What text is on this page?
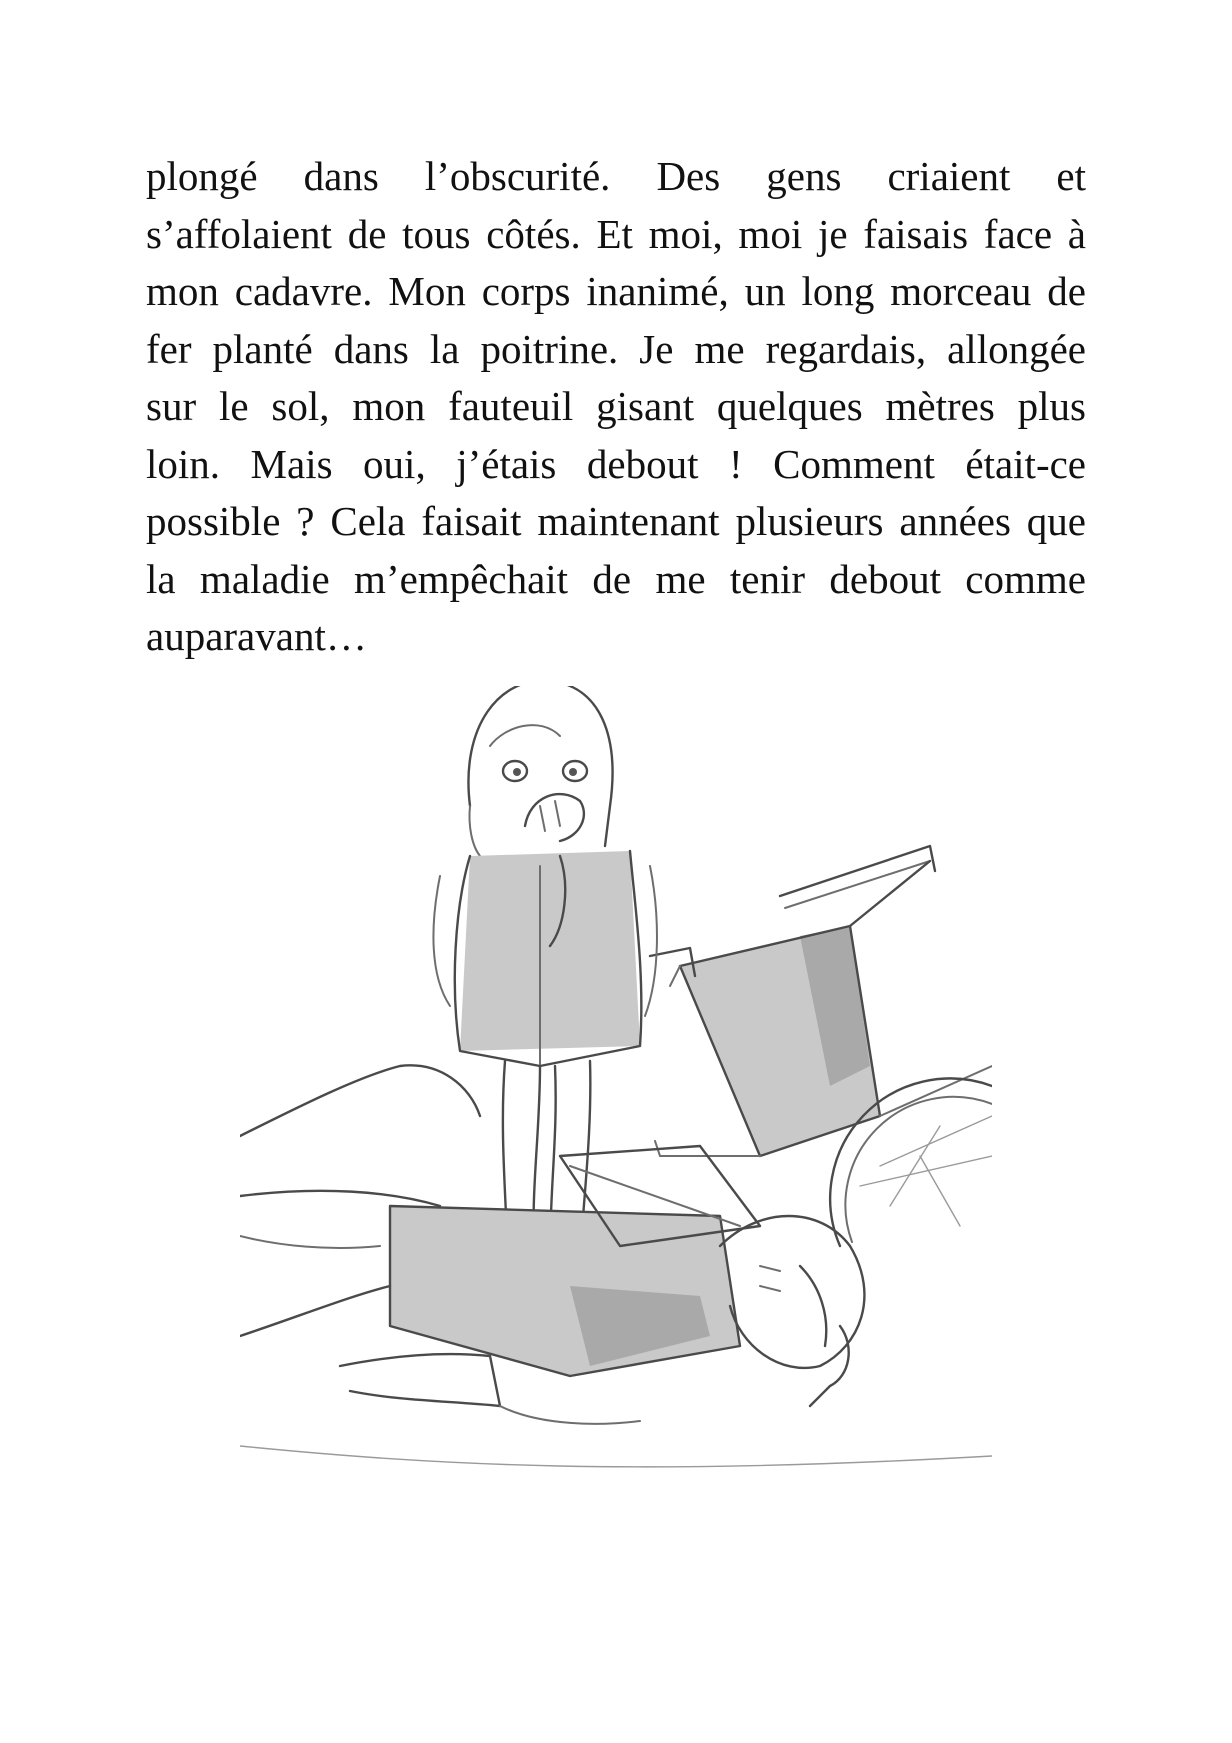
plongé dans l’obscurité. Des gens criaient et
s’affolaient de tous côtés. Et moi, moi je faisais face à
mon cadavre. Mon corps inanimé, un long morceau de
fer planté dans la poitrine. Je me regardais, allongée
sur le sol, mon fauteuil gisant quelques mètres plus
loin. Mais oui, j’étais debout ! Comment était-ce
possible ? Cela faisait maintenant plusieurs années que
la maladie m’empêchait de me tenir debout comme
auparavant…
